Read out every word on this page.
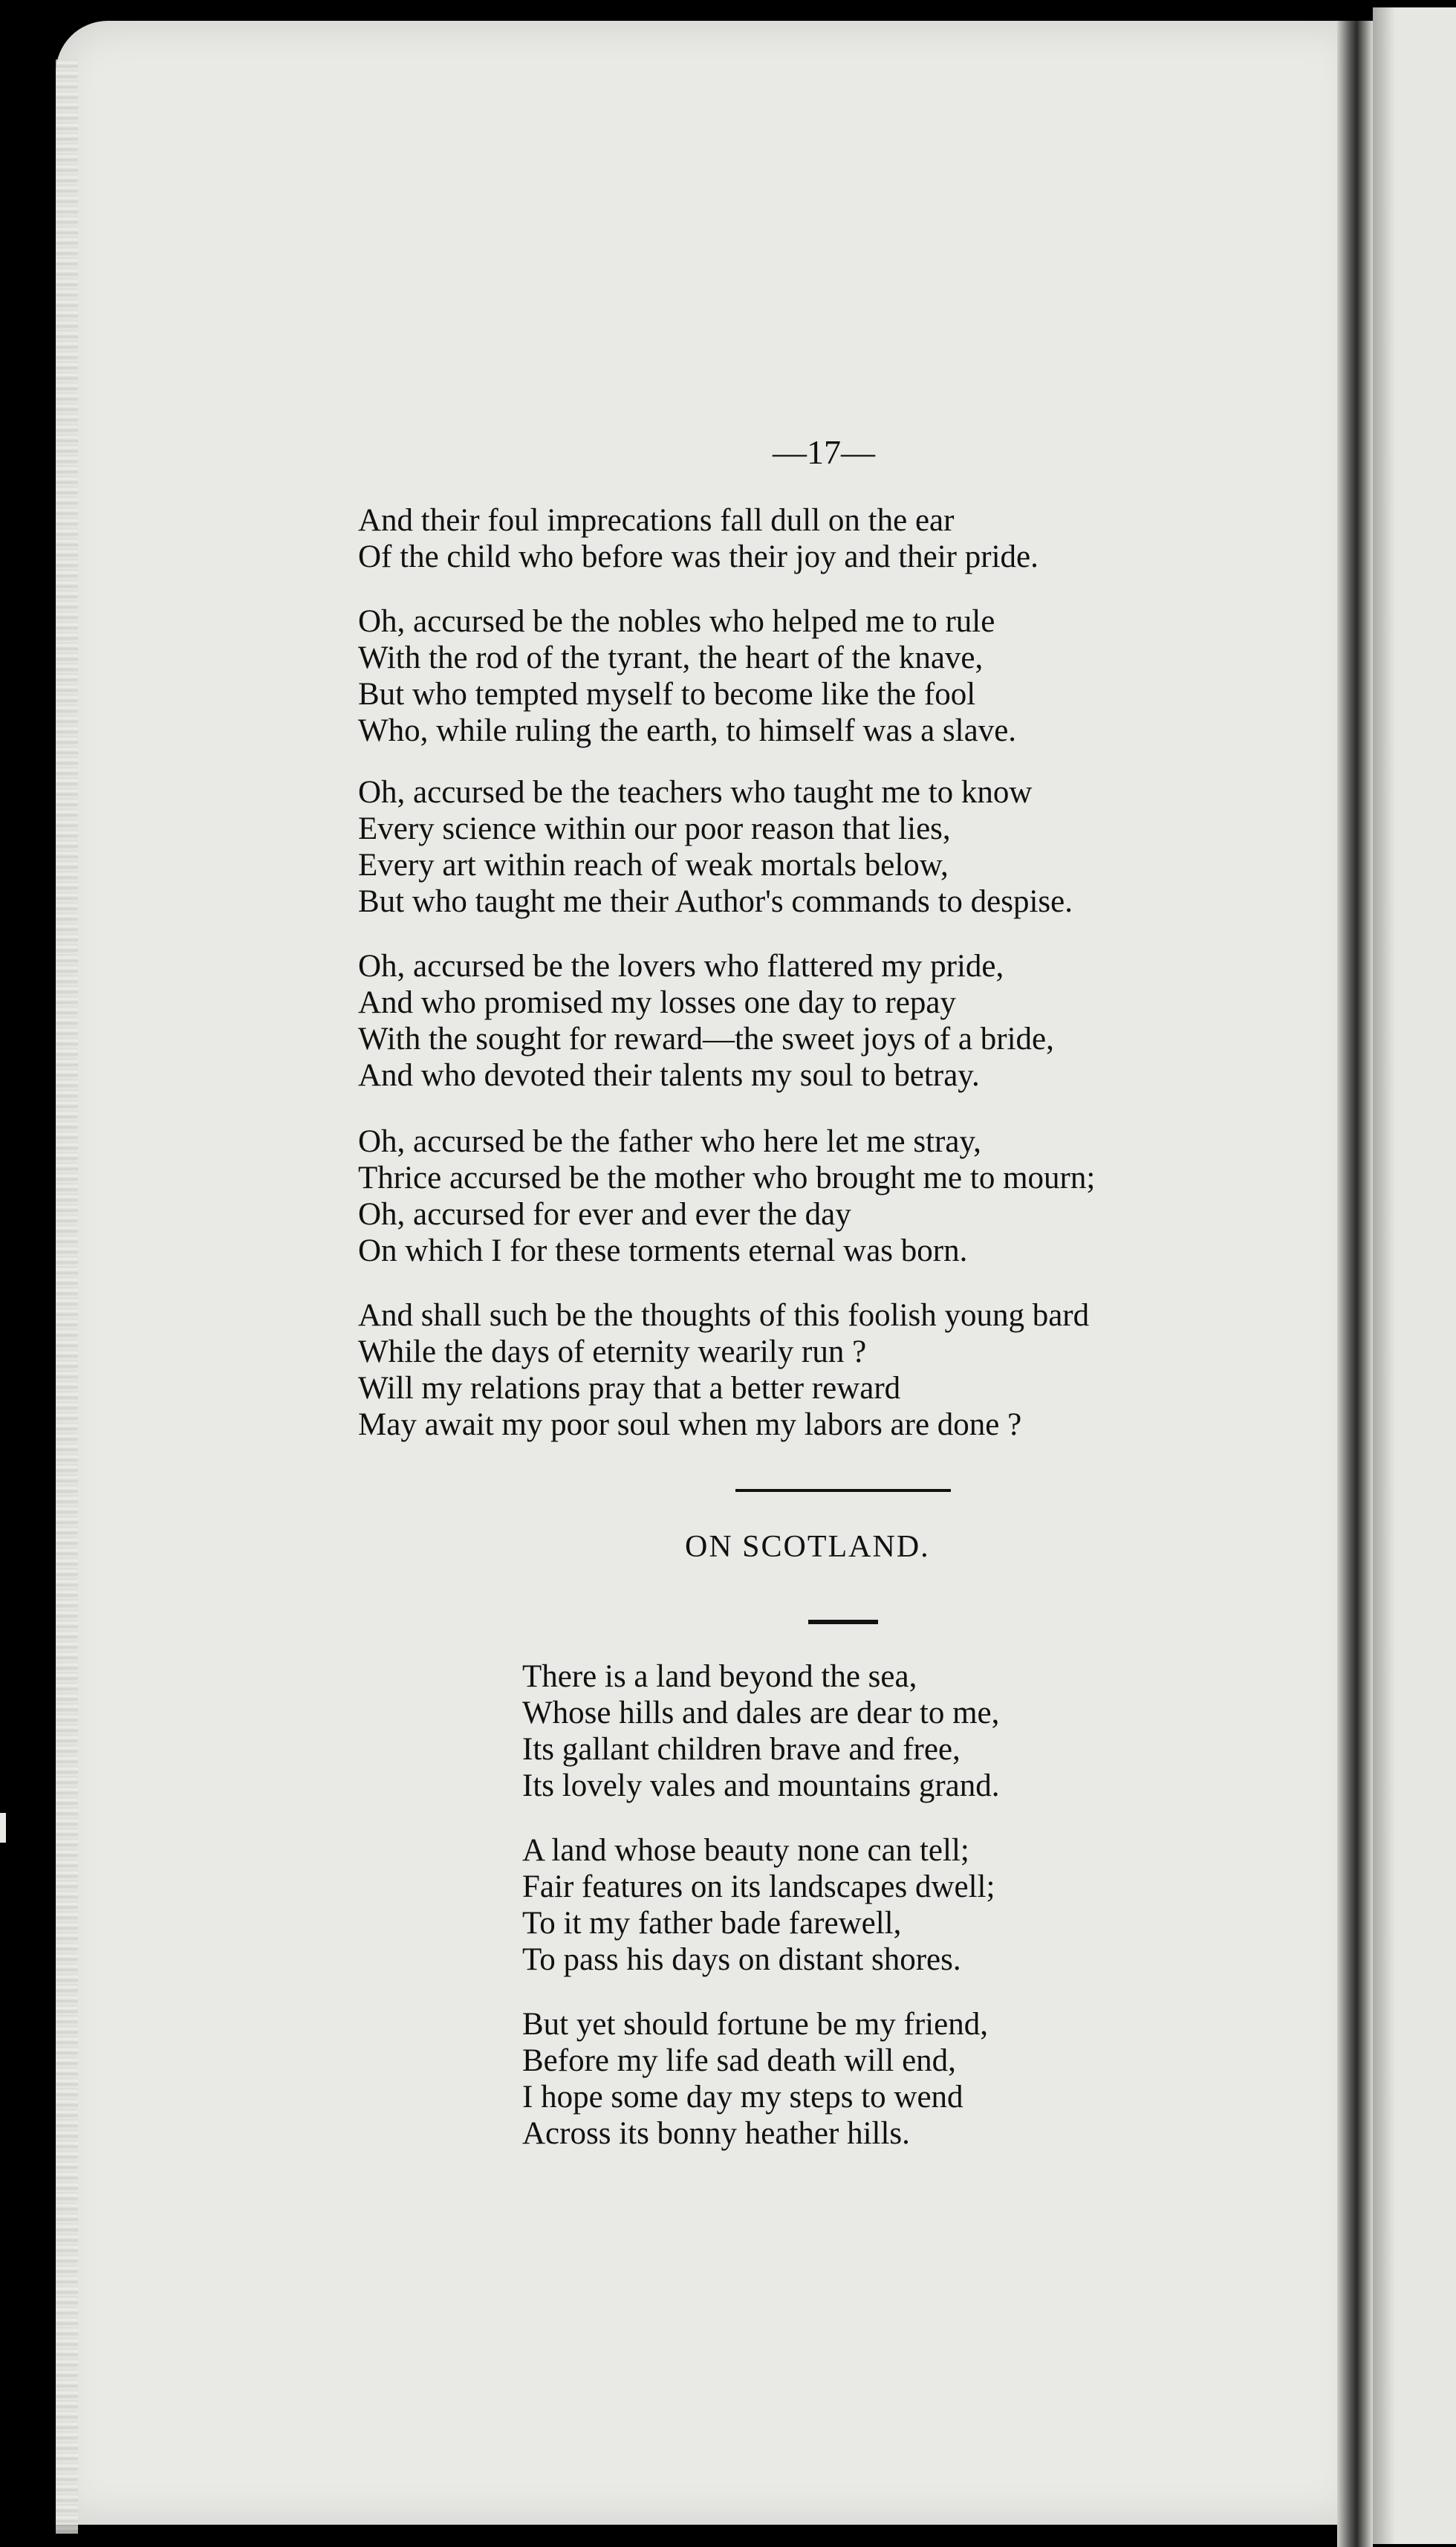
—17—
And their foul imprecations fall dull on the ear
Of the child who before was their joy and their pride.
Oh, accursed be the nobles who helped me to rule
With the rod of the tyrant, the heart of the knave,
But who tempted myself to become like the fool
Who, while ruling the earth, to himself was a slave.
Oh, accursed be the teachers who taught me to know
Every science within our poor reason that lies,
Every art within reach of weak mortals below,
But who taught me their Author's commands to despise.
Oh, accursed be the lovers who flattered my pride,
And who promised my losses one day to repay
With the sought for reward—the sweet joys of a bride,
And who devoted their talents my soul to betray.
Oh, accursed be the father who here let me stray,
Thrice accursed be the mother who brought me to mourn;
Oh, accursed for ever and ever the day
On which I for these torments eternal was born.
And shall such be the thoughts of this foolish young bard
While the days of eternity wearily run ?
Will my relations pray that a better reward
May await my poor soul when my labors are done ?
ON SCOTLAND.
There is a land beyond the sea,
Whose hills and dales are dear to me,
Its gallant children brave and free,
Its lovely vales and mountains grand.
A land whose beauty none can tell;
Fair features on its landscapes dwell;
To it my father bade farewell,
To pass his days on distant shores.
But yet should fortune be my friend,
Before my life sad death will end,
I hope some day my steps to wend
Across its bonny heather hills.
